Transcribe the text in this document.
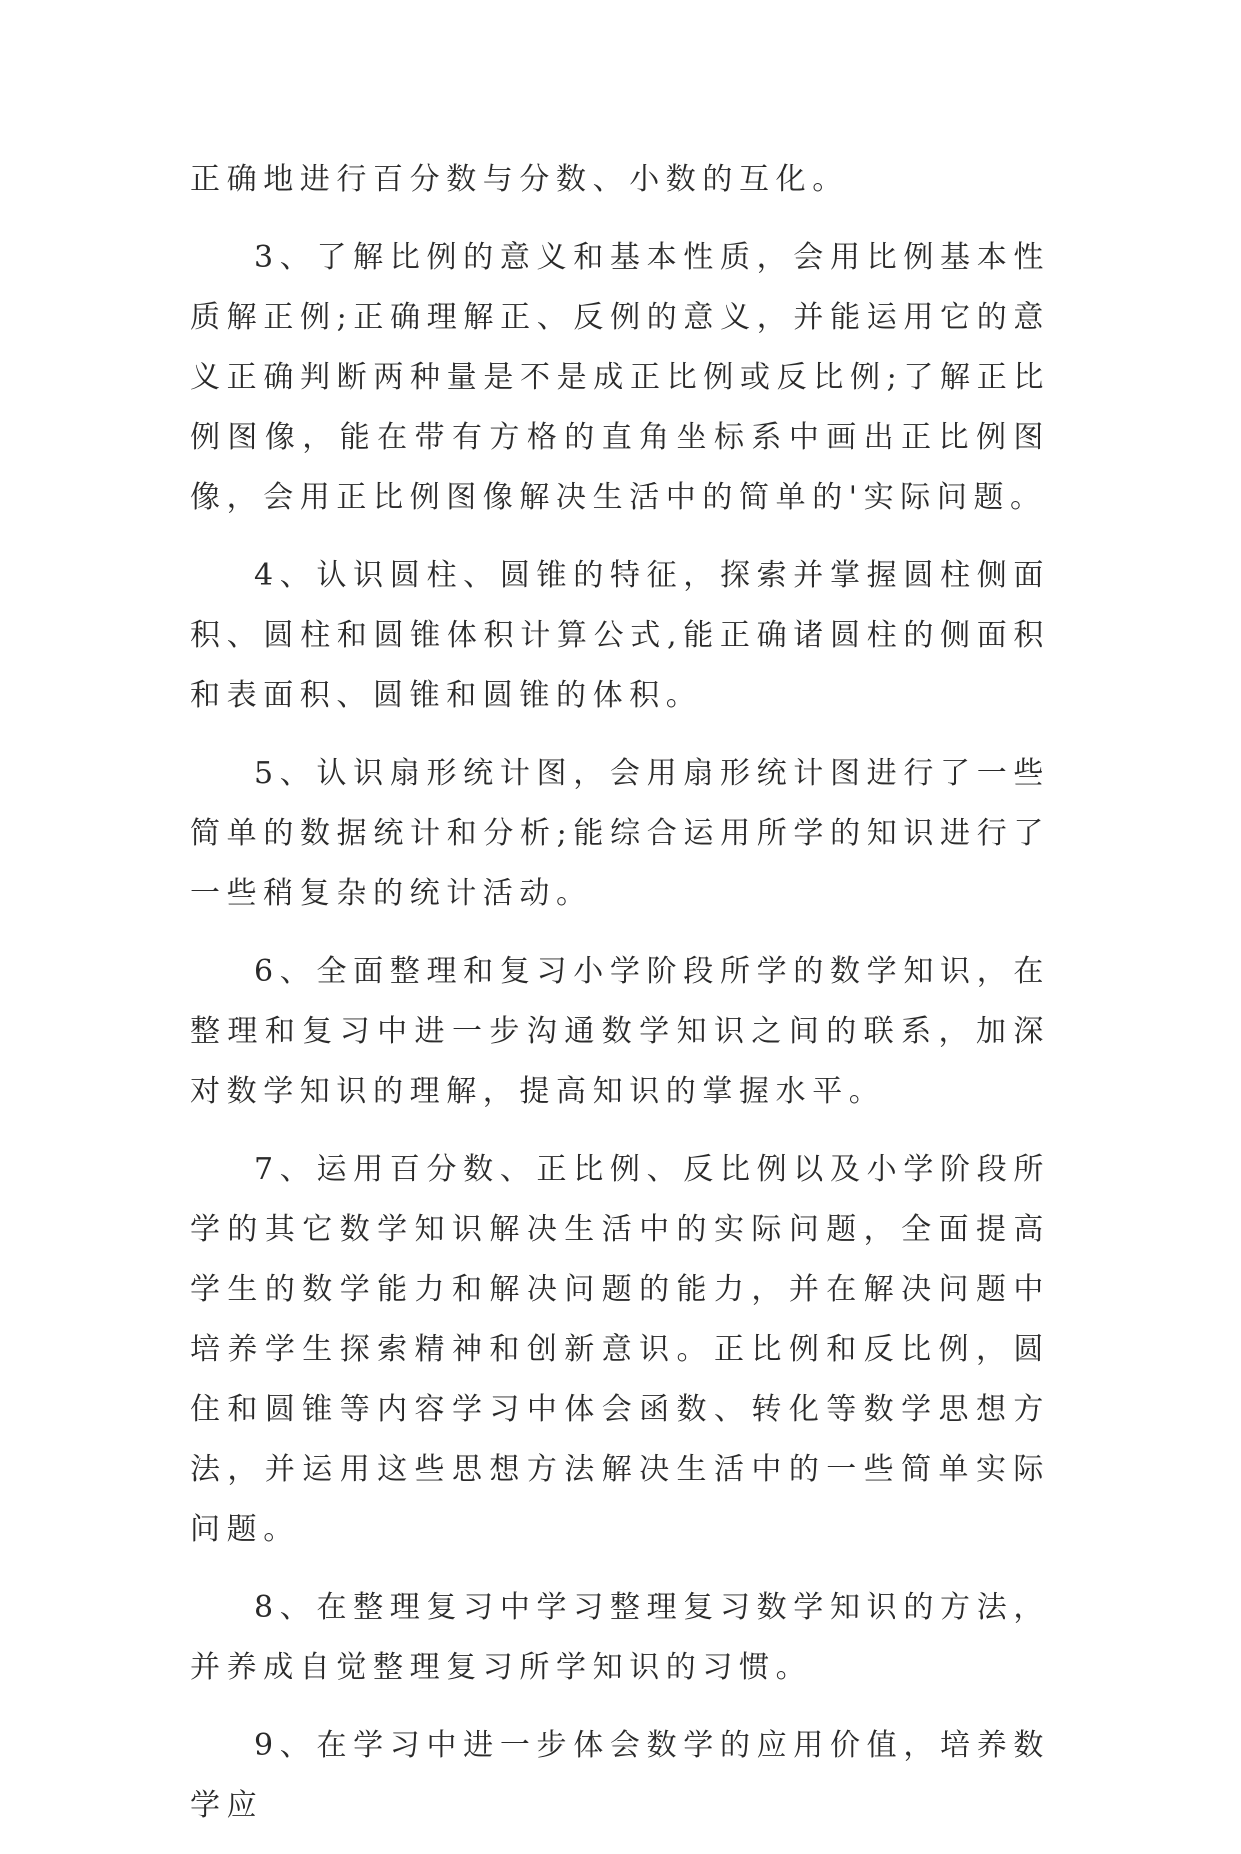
正确地进行百分数与分数、小数的互化。

3、了解比例的意义和基本性质，会用比例基本性质解正例;正确理解正、反例的意义，并能运用它的意义正确判断两种量是不是成正比例或反比例;了解正比例图像，能在带有方格的直角坐标系中画出正比例图像，会用正比例图像解决生活中的简单的'实际问题。

4、认识圆柱、圆锥的特征，探索并掌握圆柱侧面积、圆柱和圆锥体积计算公式,能正确诸圆柱的侧面积和表面积、圆锥和圆锥的体积。

5、认识扇形统计图，会用扇形统计图进行了一些简单的数据统计和分析;能综合运用所学的知识进行了一些稍复杂的统计活动。

6、全面整理和复习小学阶段所学的数学知识，在整理和复习中进一步沟通数学知识之间的联系，加深对数学知识的理解，提高知识的掌握水平。

7、运用百分数、正比例、反比例以及小学阶段所学的其它数学知识解决生活中的实际问题，全面提高学生的数学能力和解决问题的能力，并在解决问题中培养学生探索精神和创新意识。正比例和反比例，圆住和圆锥等内容学习中体会函数、转化等数学思想方法，并运用这些思想方法解决生活中的一些简单实际问题。

8、在整理复习中学习整理复习数学知识的方法，并养成自觉整理复习所学知识的习惯。

9、在学习中进一步体会数学的应用价值，培养数学应
